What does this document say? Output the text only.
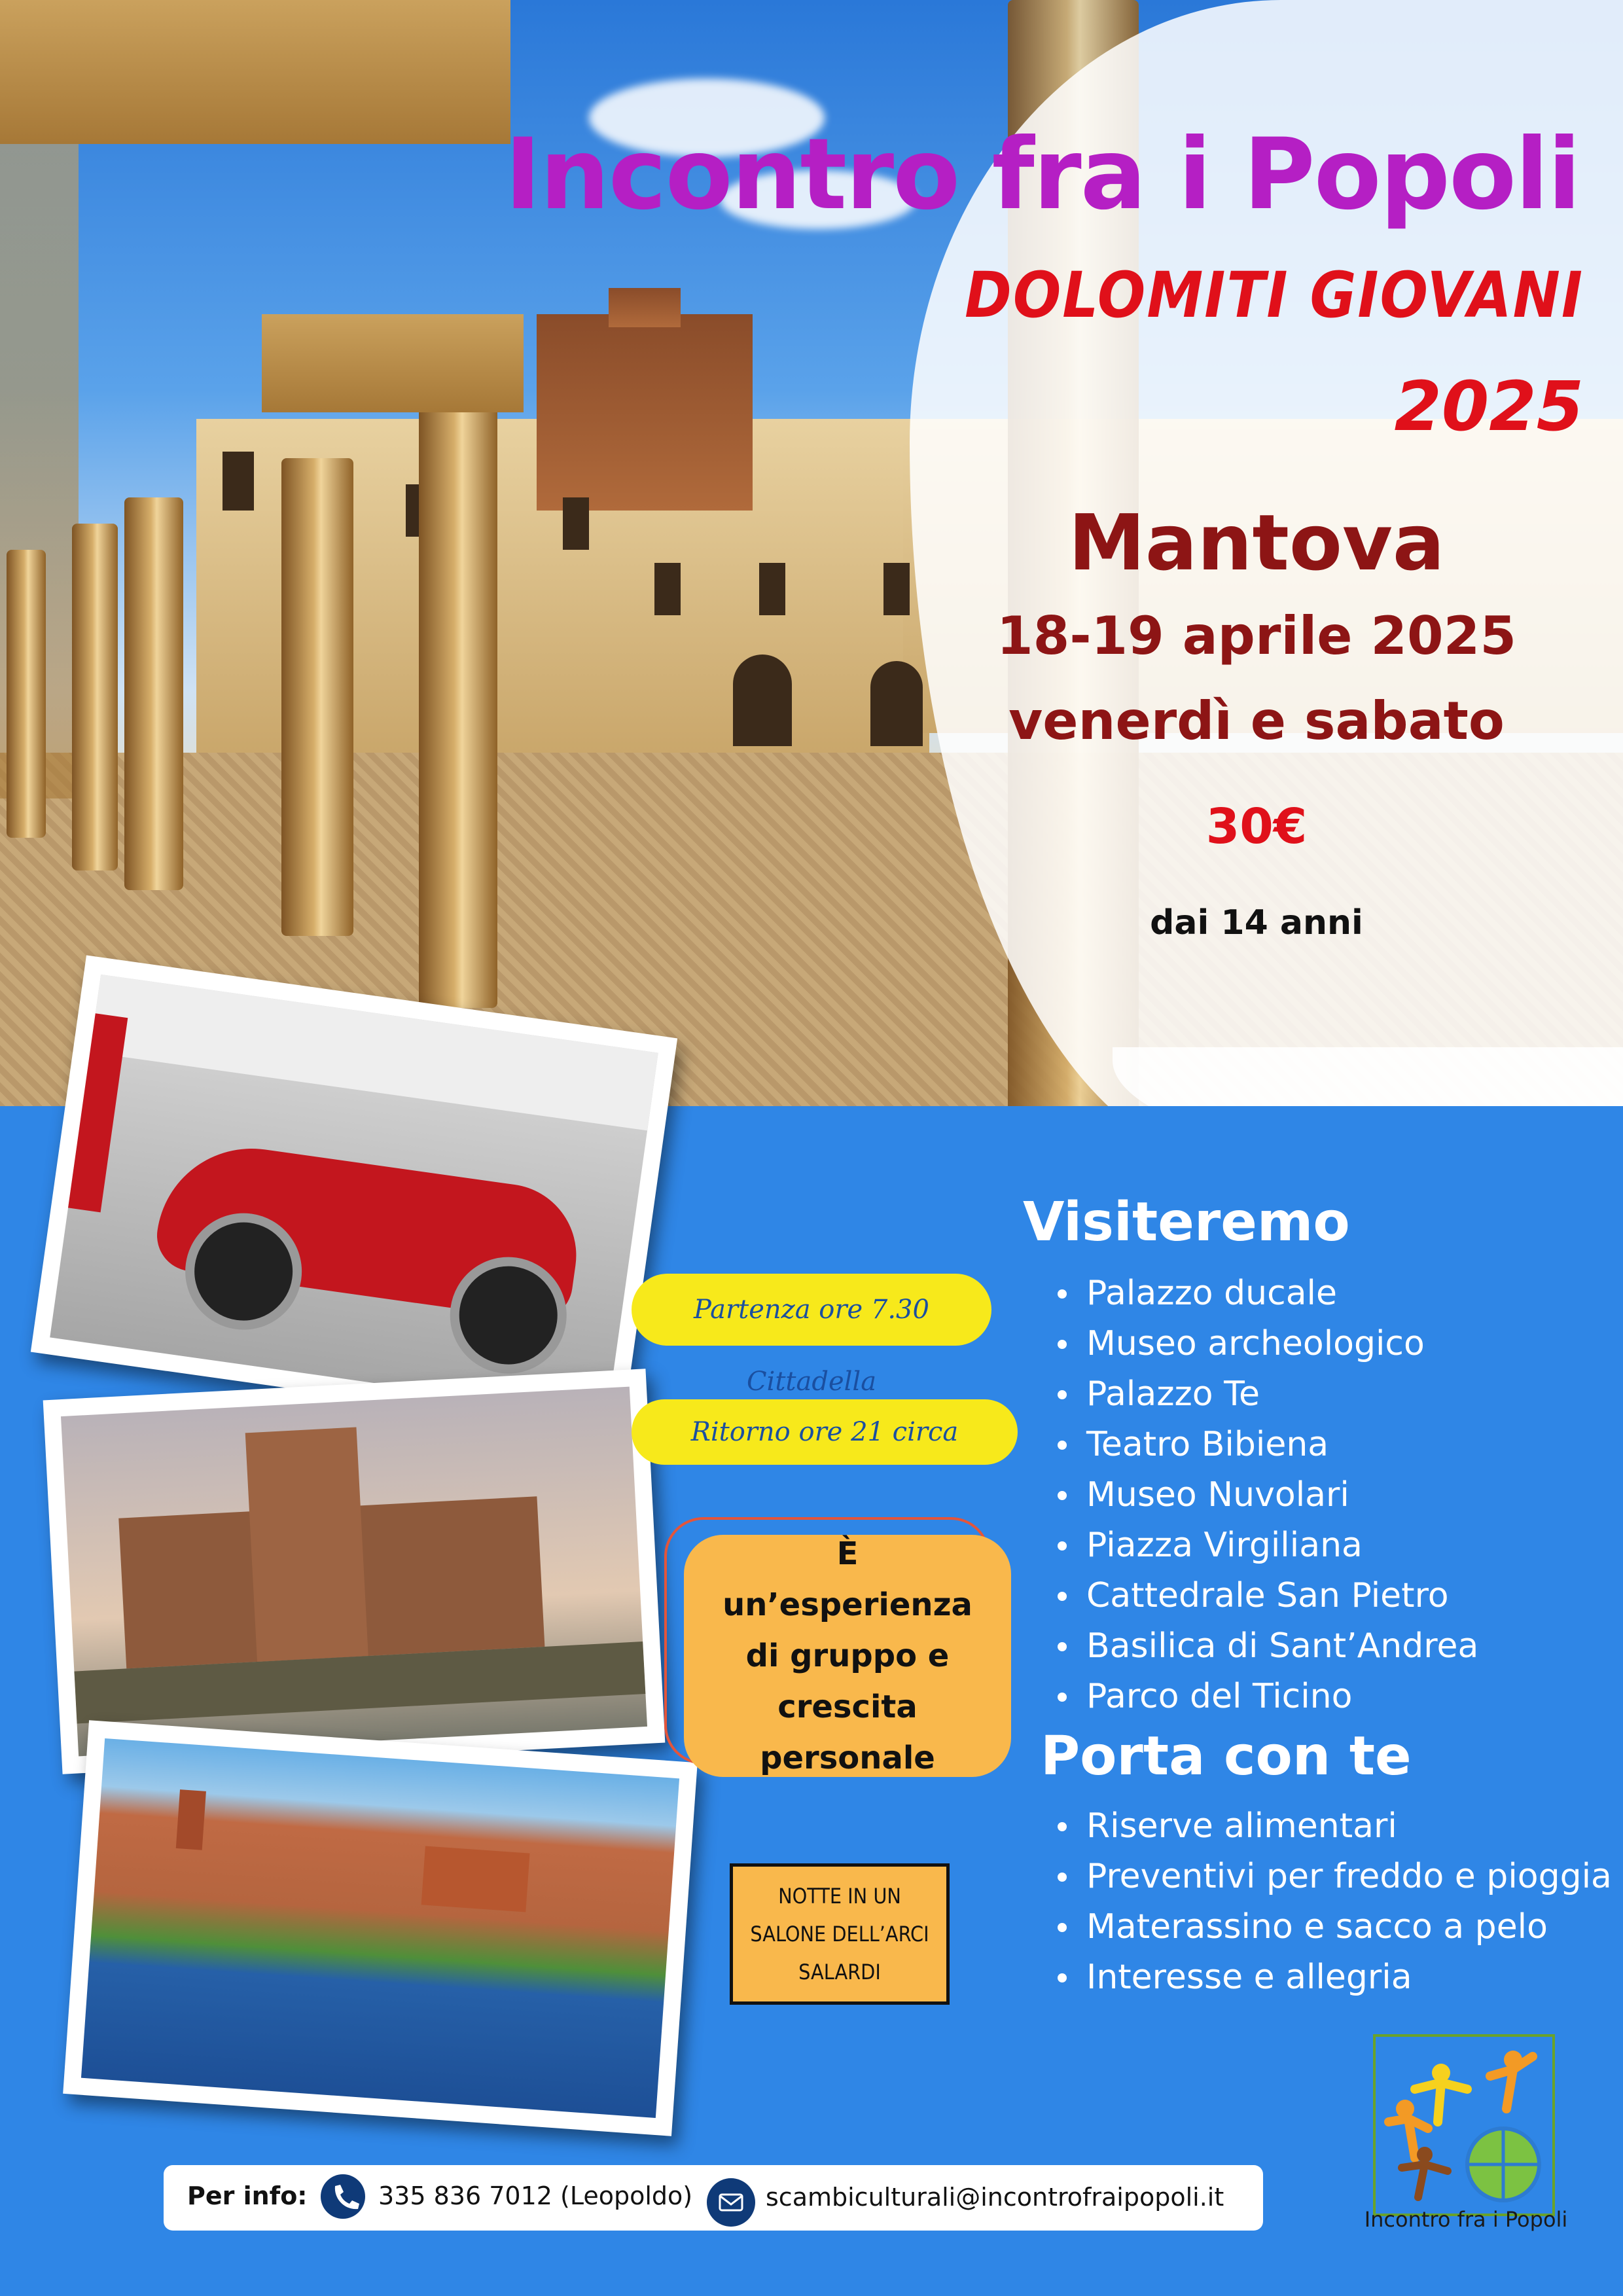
Incontro fra i Popoli
DOLOMITI GIOVANI
2025
Mantova
18-19 aprile 2025
venerdì e sabato
30€
dai 14 anni
Partenza ore 7.30 Cittadella
Ritorno ore 21 circa
È un’esperienza di gruppo e crescita personale
NOTTE IN UN SALONE DELL’ARCI SALARDI
Visiteremo
Palazzo ducale
Museo archeologico
Palazzo Te
Teatro Bibiena
Museo Nuvolari
Piazza Virgiliana
Cattedrale San Pietro
Basilica di Sant’Andrea
Parco del Ticino
Porta con te
Riserve alimentari
Preventivi per freddo e pioggia
Materassino e sacco a pelo
Interesse e allegria
Per info:	335 836 7012 (Leopoldo)	scambiculturali@incontrofraipopoli.it
Incontro fra i Popoli
